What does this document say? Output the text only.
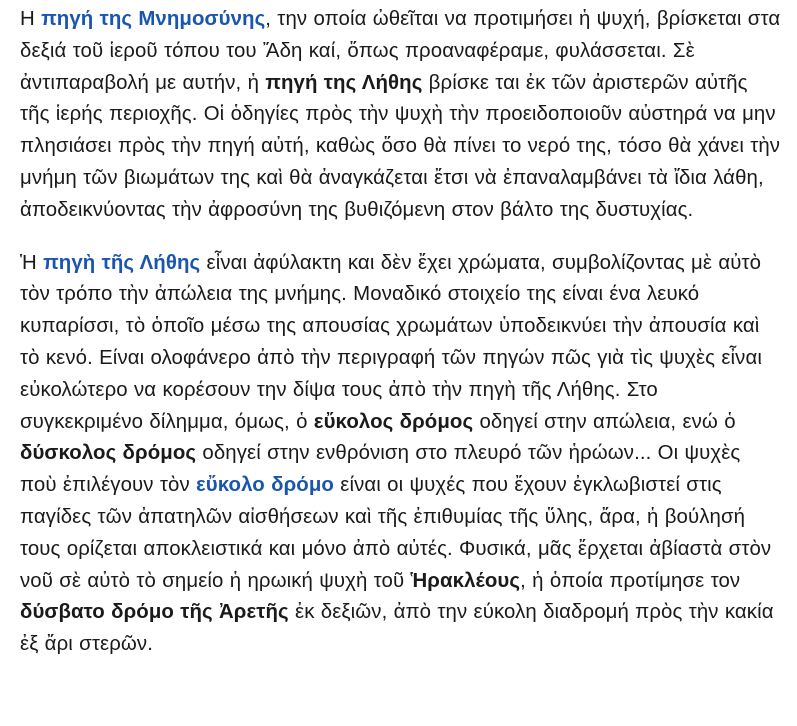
Η πηγή της Μνημοσύνης, την οποία ὠθεῖται να προτιμήσει ἡ ψυχή, βρίσκεται στα δεξιά τοῦ ἱεροῦ τόπου του Ἄδη καί, ὅπως προαναφέραμε, φυλάσσεται. Σὲ ἀντιπαραβολή με αυτήν, ἡ πηγή της Λήθης βρίσκε ται ἐκ τῶν ἀριστερῶν αὐτῆς τῆς ἱερής περιοχῆς. Οἱ ὁδηγίες πρὸς τὴν ψυχὴ τὴν προειδοποιοῦν αὐστηρά να μην πλησιάσει πρὸς τὴν πηγή αὐτή, καθὼς ὅσο θὰ πίνει το νερό της, τόσο θὰ χάνει τὴν μνήμη τῶν βιωμάτων της καὶ θὰ ἀναγκάζεται ἔτσι νὰ ἐπαναλαμβάνει τὰ ἴδια λάθη, ἀποδεικνύοντας τὴν ἀφροσύνη της βυθιζόμενη στον βάλτο της δυστυχίας.

Ἡ πηγὴ τῆς Λήθης εἶναι ἀφύλακτη και δὲν ἔχει χρώματα, συμβολίζοντας μὲ αὐτὸ τὸν τρόπο τὴν ἀπώλεια της μνήμης. Μοναδικό στοιχείο της είναι ένα λευκό κυπαρίσσι, τὸ ὁποῖο μέσω της απουσίας χρωμάτων ὑποδεικνύει τὴν ἀπουσία καὶ τὸ κενό. Είναι ολοφάνερο ἀπὸ τὴν περιγραφή τῶν πηγών πῶς γιὰ τὶς ψυχὲς εἶναι εὐκολώτερο να κορέσουν την δίψα τους ἀπὸ τὴν πηγὴ τῆς Λήθης. Στο συγκεκριμένο δίλημμα, όμως, ὁ εὔκολος δρόμος οδηγεί στην απώλεια, ενώ ὁ δύσκολος δρόμος οδηγεί στην ενθρόνιση στο πλευρό τῶν ἡρώων... Οι ψυχὲς ποὺ ἐπιλέγουν τὸν εὔκολο δρόμο είναι οι ψυχές που ἔχουν ἐγκλωβιστεί στις παγίδες τῶν ἀπατηλῶν αἰσθήσεων καὶ τῆς ἐπιθυμίας τῆς ὕλης, ἄρα, ἡ βούλησή τους ορίζεται αποκλειστικά και μόνο ἀπὸ αὐτές. Φυσικά, μᾶς ἔρχεται ἀβίαστὰ στὸν νοῦ σὲ αὐτὸ τὸ σημείο ἡ ηρωική ψυχὴ τοῦ Ἡρακλέους, ἡ ὁποία προτίμησε τον δύσβατο δρόμο τῆς Ἀρετῆς ἐκ δεξιῶν, ἀπὸ την εύκολη διαδρομή πρὸς τὴν κακία ἐξ ἄρι στερῶν.
